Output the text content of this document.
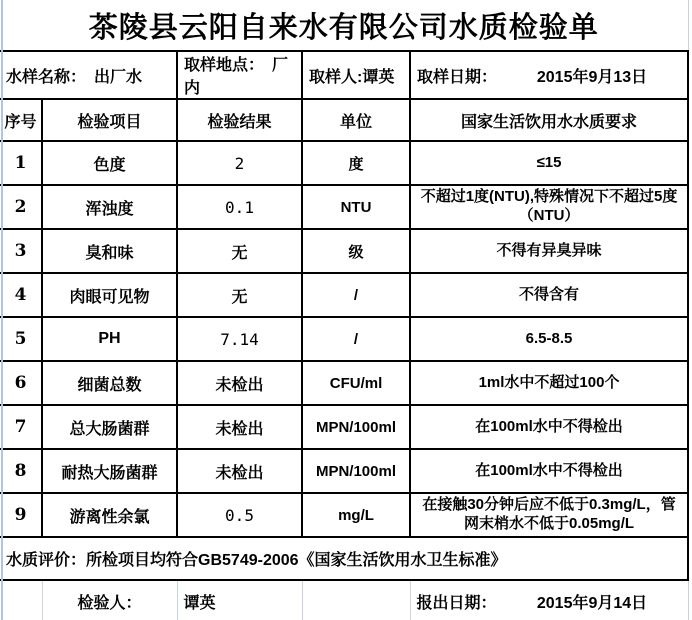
茶陵县云阳自来水有限公司水质检验单				
水样名称： 出厂水		取样地点： 厂内	取样人:谭英	取样日期： 2015年9月13日

序号	检验项目	检验结果	单位	国家生活饮用水水质要求
1	色度	2	度	≤15
2	浑浊度	0.1	NTU	不超过1度(NTU),特殊情况下不超过5度（NTU）
3	臭和味	无	级	不得有异臭异味
4	肉眼可见物	无	/	不得含有
5	PH	7.14	/	6.5-8.5
6	细菌总数	未检出	CFU/ml	1ml水中不超过100个
7	总大肠菌群	未检出	MPN/100ml	在100ml水中不得检出
8	耐热大肠菌群	未检出	MPN/100ml	在100ml水中不得检出
9	游离性余氯	0.5	mg/L	在接触30分钟后应不低于0.3mg/L，管网末梢水不低于0.05mg/L
水质评价：所检项目均符合GB5749-2006《国家生活饮用水卫生标准》				
	检验人：	谭英		报出日期： 2015年9月14日
